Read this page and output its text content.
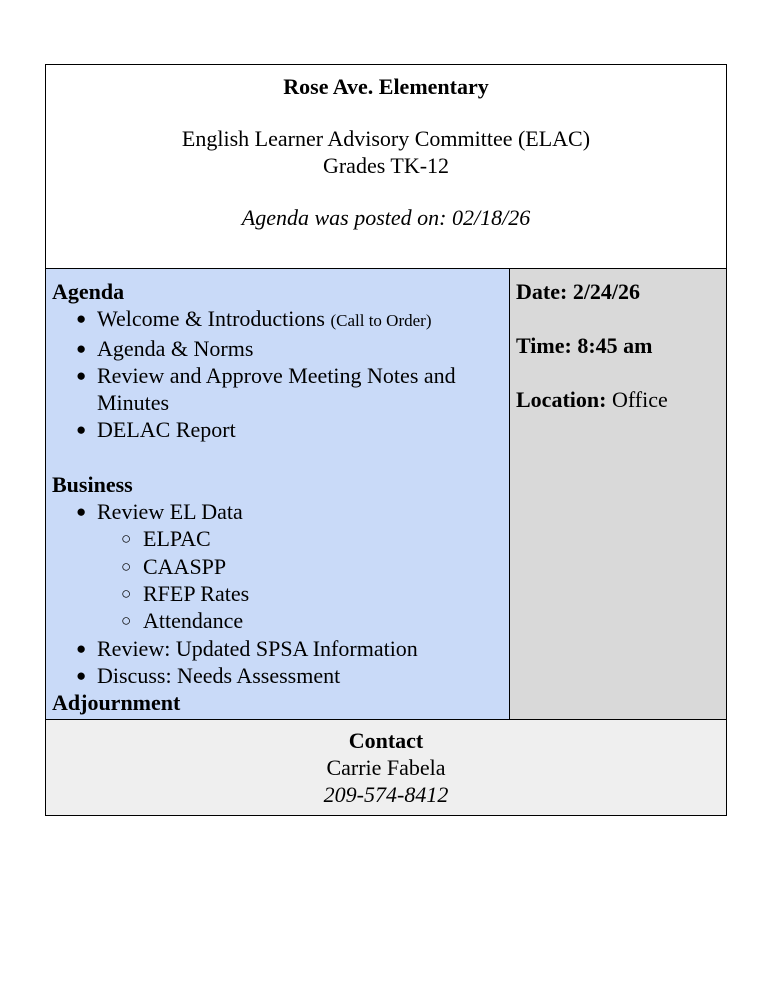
Rose Ave. Elementary
English Learner Advisory Committee (ELAC)
Grades TK-12
Agenda was posted on: 02/18/26
Agenda
● Welcome & Introductions (Call to Order)
● Agenda & Norms
● Review and Approve Meeting Notes and Minutes
● DELAC Report
Business
● Review EL Data
○ ELPAC
○ CAASPP
○ RFEP Rates
○ Attendance
● Review: Updated SPSA Information
● Discuss: Needs Assessment
Adjournment
Date: 2/24/26
Time: 8:45 am
Location: Office
Contact
Carrie Fabela
209-574-8412
